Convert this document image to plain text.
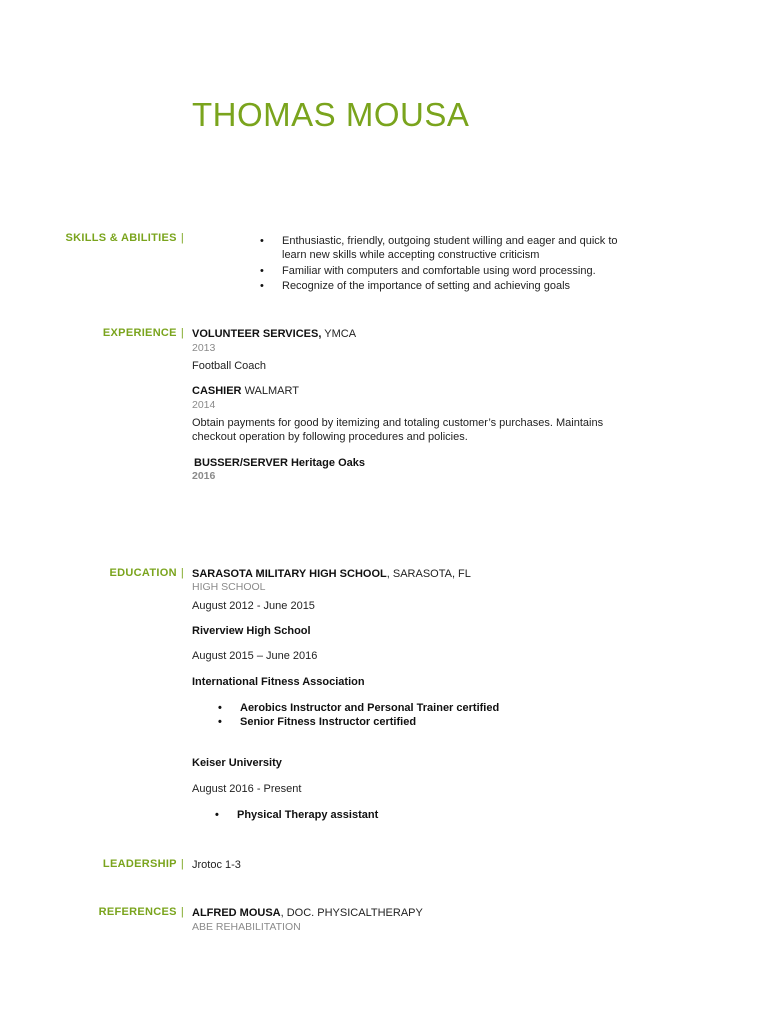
THOMAS MOUSA
SKILLS & ABILITIES |
•	Enthusiastic, friendly, outgoing student willing and eager and quick to learn new skills while accepting constructive criticism
• Familiar with computers and comfortable using word processing.
• Recognize of the importance of setting and achieving goals
EXPERIENCE | VOLUNTEER SERVICES, YMCA
2013
Football Coach
CASHIER WALMART
2014
Obtain payments for good by itemizing and totaling customer’s purchases. Maintains checkout operation by following procedures and policies.
BUSSER/SERVER Heritage Oaks
2016
EDUCATION | SARASOTA MILITARY HIGH SCHOOL, SARASOTA, FL
HIGH SCHOOL
August 2012 - June 2015
Riverview High School
August 2015 – June 2016
International Fitness Association
• Aerobics Instructor and Personal Trainer certified
• Senior Fitness Instructor certified
Keiser University
August 2016 - Present
• Physical Therapy assistant
LEADERSHIP | Jrotoc 1-3
REFERENCES | ALFRED MOUSA, DOC. PHYSICALTHERAPY
ABE REHABILITATION
